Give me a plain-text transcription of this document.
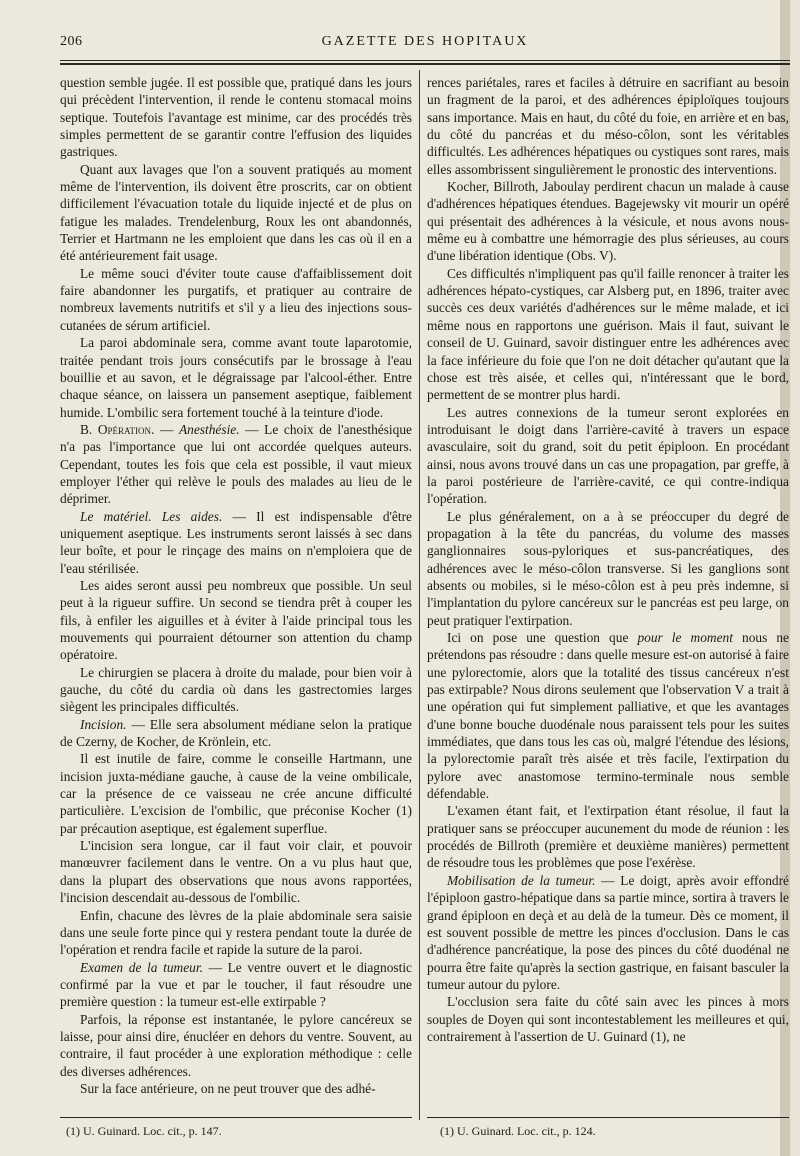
206	GAZETTE DES HOPITAUX

question semble jugée. Il est possible que, pratiqué dans les jours qui précèdent l'intervention, il rende le contenu stomacal moins septique. Toutefois l'avantage est minime, car des procédés très simples permettent de se garantir contre l'effusion des liquides gastriques.

Quant aux lavages que l'on a souvent pratiqués au moment même de l'intervention, ils doivent être proscrits, car on obtient difficilement l'évacuation totale du liquide injecté et de plus on fatigue les malades. Trendelenburg, Roux les ont abandonnés, Terrier et Hartmann ne les emploient que dans les cas où il en a été antérieurement fait usage.

Le même souci d'éviter toute cause d'affaiblissement doit faire abandonner les purgatifs, et pratiquer au contraire de nombreux lavements nutritifs et s'il y a lieu des injections sous-cutanées de sérum artificiel.

La paroi abdominale sera, comme avant toute laparotomie, traitée pendant trois jours consécutifs par le brossage à l'eau bouillie et au savon, et le dégraissage par l'alcool-éther. Entre chaque séance, on laissera un pansement aseptique, faiblement humide. L'ombilic sera fortement touché à la teinture d'iode.

B. Opération. — Anesthésie. — Le choix de l'anesthésique n'a pas l'importance que lui ont accordée quelques auteurs. Cependant, toutes les fois que cela est possible, il vaut mieux employer l'éther qui relève le pouls des malades au lieu de le déprimer.

Le matériel. Les aides. — Il est indispensable d'être uniquement aseptique. Les instruments seront laissés à sec dans leur boîte, et pour le rinçage des mains on n'emploiera que de l'eau stérilisée.

Les aides seront aussi peu nombreux que possible. Un seul peut à la rigueur suffire. Un second se tiendra prêt à couper les fils, à enfiler les aiguilles et à éviter à l'aide principal tous les mouvements qui pourraient détourner son attention du champ opératoire.

Le chirurgien se placera à droite du malade, pour bien voir à gauche, du côté du cardia où dans les gastrectomies larges siègent les principales difficultés.

Incision. — Elle sera absolument médiane selon la pratique de Czerny, de Kocher, de Krönlein, etc.

Il est inutile de faire, comme le conseille Hartmann, une incision juxta-médiane gauche, à cause de la veine ombilicale, car la présence de ce vaisseau ne crée ancune difficulté particulière. L'excision de l'ombilic, que préconise Kocher (1) par précaution aseptique, est également superflue.

L'incision sera longue, car il faut voir clair, et pouvoir manœuvrer facilement dans le ventre. On a vu plus haut que, dans la plupart des observations que nous avons rapportées, l'incision descendait au-dessous de l'ombilic.

Enfin, chacune des lèvres de la plaie abdominale sera saisie dans une seule forte pince qui y restera pendant toute la durée de l'opération et rendra facile et rapide la suture de la paroi.

Examen de la tumeur. — Le ventre ouvert et le diagnostic confirmé par la vue et par le toucher, il faut résoudre une première question : la tumeur est-elle extirpable ?

Parfois, la réponse est instantanée, le pylore cancéreux se laisse, pour ainsi dire, énucléer en dehors du ventre. Souvent, au contraire, il faut procéder à une exploration méthodique : celle des diverses adhérences.

Sur la face antérieure, on ne peut trouver que des adhé-

rences pariétales, rares et faciles à détruire en sacrifiant au besoin un fragment de la paroi, et des adhérences épiploïques toujours sans importance. Mais en haut, du côté du foie, en arrière et en bas, du côté du pancréas et du méso-côlon, sont les véritables difficultés. Les adhérences hépatiques ou cystiques sont rares, mais elles assombrissent singulièrement le pronostic des interventions.

Kocher, Billroth, Jaboulay perdirent chacun un malade à cause d'adhérences hépatiques étendues. Bagejewsky vit mourir un opéré qui présentait des adhérences à la vésicule, et nous avons nous-même eu à combattre une hémorragie des plus sérieuses, au cours d'une libération identique (Obs. V).

Ces difficultés n'impliquent pas qu'il faille renoncer à traiter les adhérences hépato-cystiques, car Alsberg put, en 1896, traiter avec succès ces deux variétés d'adhérences sur le même malade, et ici même nous en rapportons une guérison. Mais il faut, suivant le conseil de U. Guinard, savoir distinguer entre les adhérences avec la face inférieure du foie que l'on ne doit détacher qu'autant que la chose est très aisée, et celles qui, n'intéressant que le bord, permettent de se montrer plus hardi.

Les autres connexions de la tumeur seront explorées en introduisant le doigt dans l'arrière-cavité à travers un espace avasculaire, soit du grand, soit du petit épiploon. En procédant ainsi, nous avons trouvé dans un cas une propagation, par greffe, à la paroi postérieure de l'arrière-cavité, ce qui contre-indiqua l'opération.

Le plus généralement, on a à se préoccuper du degré de propagation à la tête du pancréas, du volume des masses ganglionnaires sous-pyloriques et sus-pancréatiques, des adhérences avec le méso-côlon transverse. Si les ganglions sont absents ou mobiles, si le méso-côlon est à peu près indemne, si l'implantation du pylore cancéreux sur le pancréas est peu large, on peut pratiquer l'extirpation.

Ici on pose une question que pour le moment nous ne prétendons pas résoudre : dans quelle mesure est-on autorisé à faire une pylorectomie, alors que la totalité des tissus cancéreux n'est pas extirpable? Nous dirons seulement que l'observation V a trait à une opération qui fut simplement palliative, et que les avantages d'une bonne bouche duodénale nous paraissent tels pour les suites immédiates, que dans tous les cas où, malgré l'étendue des lésions, la pylorectomie paraît très aisée et très facile, l'extirpation du pylore avec anastomose termino-terminale nous semble défendable.

L'examen étant fait, et l'extirpation étant résolue, il faut la pratiquer sans se préoccuper aucunement du mode de réunion : les procédés de Billroth (première et deuxième manières) permettent de résoudre tous les problèmes que pose l'exérèse.

Mobilisation de la tumeur. — Le doigt, après avoir effondré l'épiploon gastro-hépatique dans sa partie mince, sortira à travers le grand épiploon en deçà et au delà de la tumeur. Dès ce moment, il est souvent possible de mettre les pinces d'occlusion. Dans le cas d'adhérence pancréatique, la pose des pinces du côté duodénal ne pourra être faite qu'après la section gastrique, en faisant basculer la tumeur autour du pylore.

L'occlusion sera faite du côté sain avec les pinces à mors souples de Doyen qui sont incontestablement les meilleures et qui, contrairement à l'assertion de U. Guinard (1), ne

(1) U. Guinard. Loc. cit., p. 147.	(1) U. Guinard. Loc. cit., p. 124.
